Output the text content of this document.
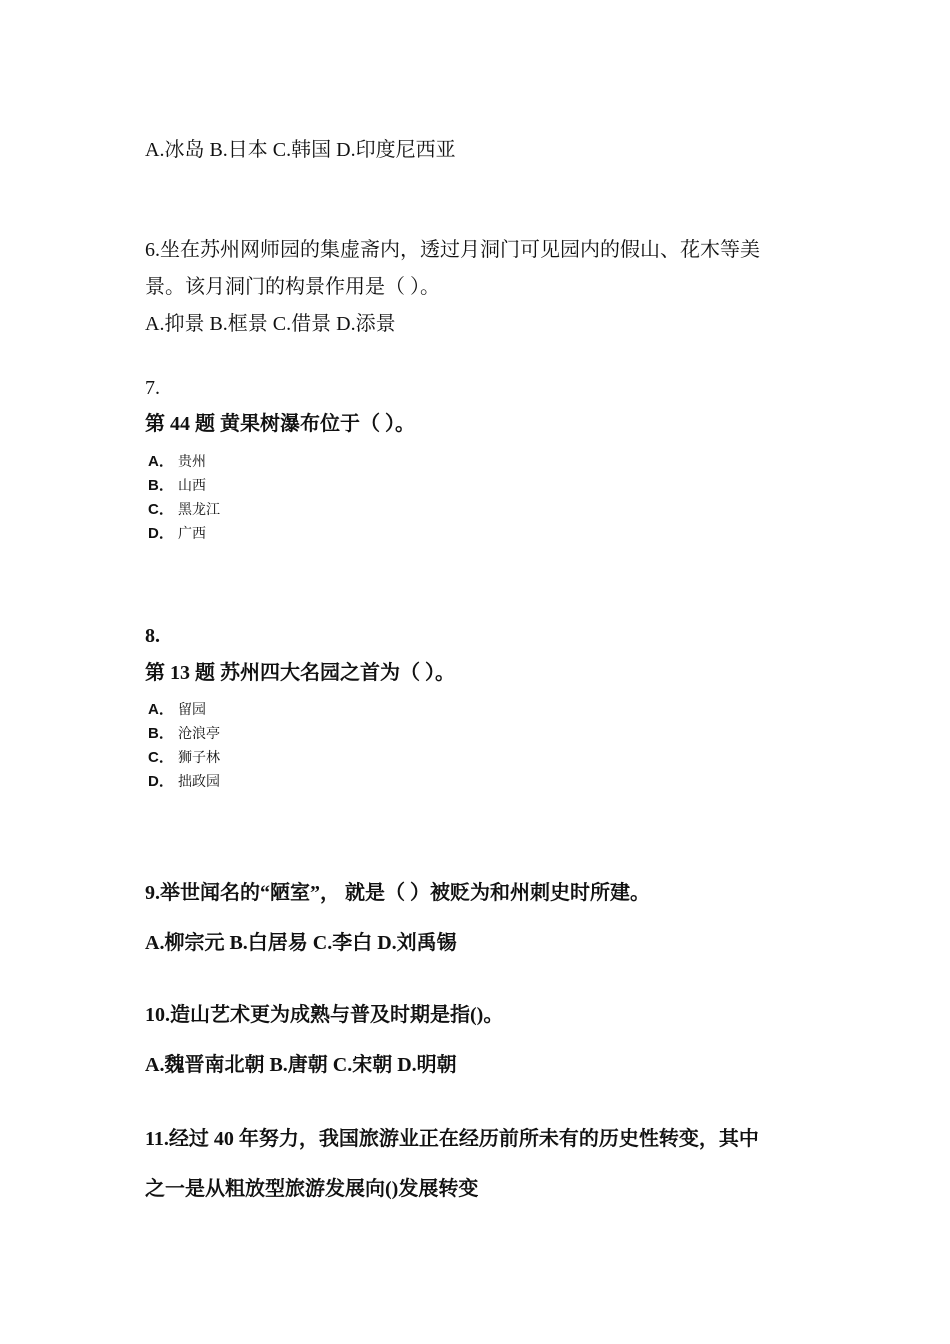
A.冰岛 B.日本 C.韩国 D.印度尼西亚
6.坐在苏州网师园的集虚斋内，透过月洞门可见园内的假山、花木等美
景。该月洞门的构景作用是（ ）。
A.抑景 B.框景 C.借景 D.添景
7.
第 44 题 黄果树瀑布位于（ ）。
A． 贵州
B． 山西
C． 黑龙江
D． 广西
8.
第 13 题 苏州四大名园之首为（ ）。
A． 留园
B． 沧浪亭
C． 狮子林
D． 拙政园
9.举世闻名的“陋室”， 就是（ ）被贬为和州刺史时所建。
A.柳宗元 B.白居易 C.李白 D.刘禹锡
10.造山艺术更为成熟与普及时期是指()。
A.魏晋南北朝 B.唐朝 C.宋朝 D.明朝
11.经过 40 年努力，我国旅游业正在经历前所未有的历史性转变，其中
之一是从粗放型旅游发展向()发展转变
